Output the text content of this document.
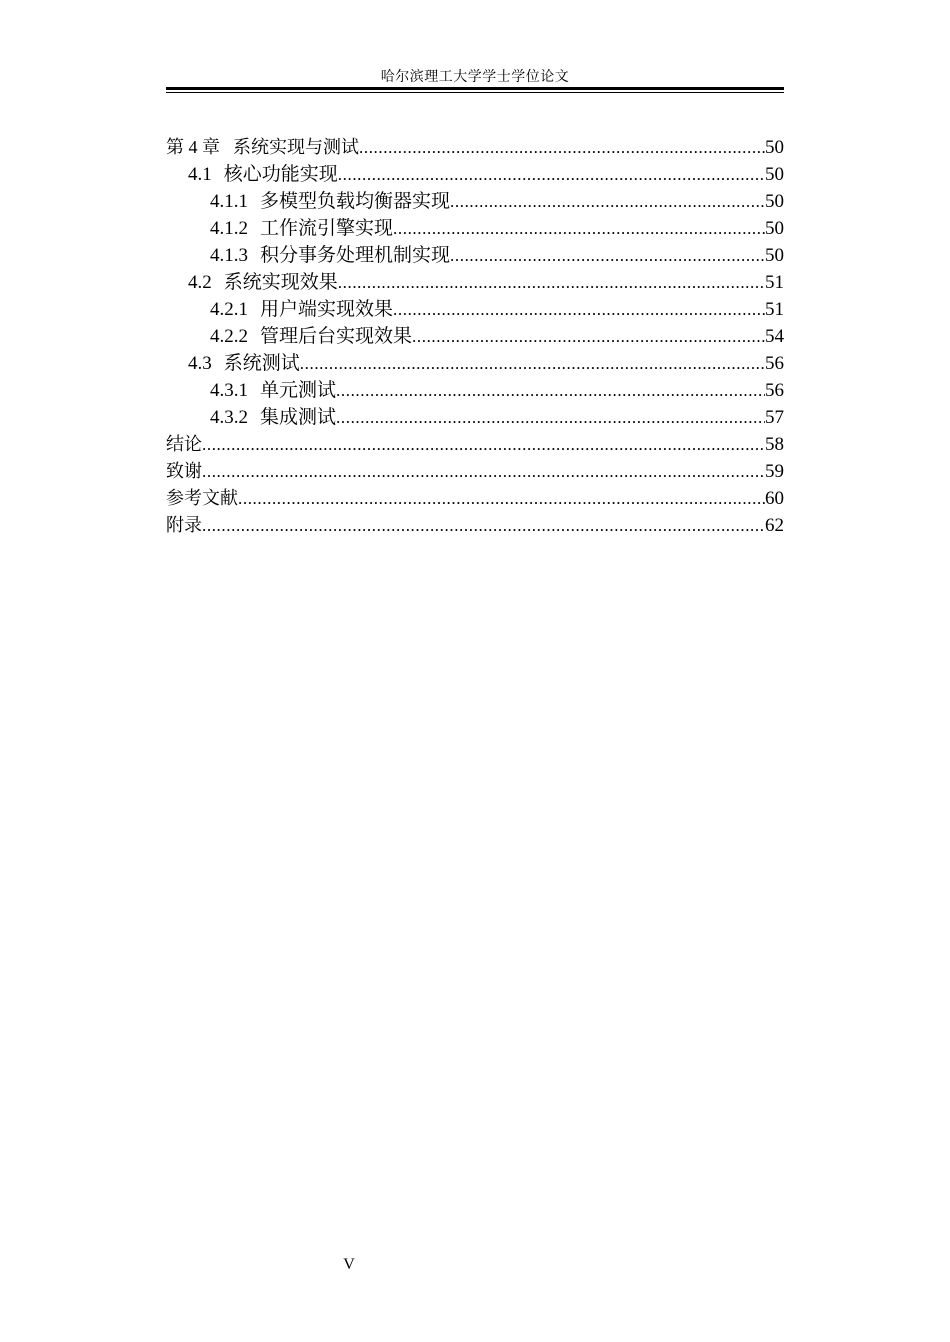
哈尔滨理工大学学士学位论文
第 4 章 系统实现与测试 .....	50
4.1 核心功能实现 .....	50
4.1.1 多模型负载均衡器实现 .....	50
4.1.2 工作流引擎实现 .....	50
4.1.3 积分事务处理机制实现 .....	50
4.2 系统实现效果 .....	51
4.2.1 用户端实现效果 .....	51
4.2.2 管理后台实现效果 .....	54
4.3 系统测试 .....	56
4.3.1 单元测试 .....	56
4.3.2 集成测试 .....	57
结论 .....	58
致谢 .....	59
参考文献 .....	60
附录 .....	62
V
